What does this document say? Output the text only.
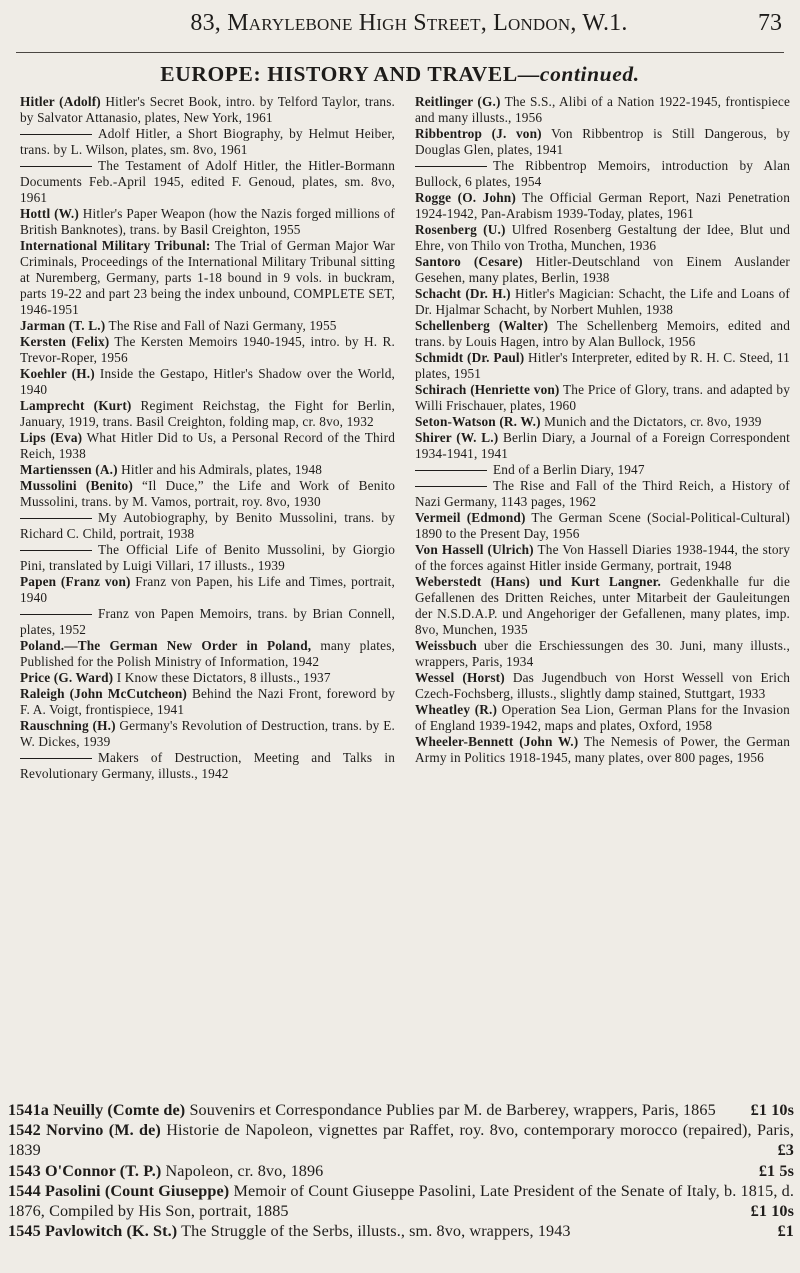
83, Marylebone High Street, London, W.1.	73
EUROPE: HISTORY AND TRAVEL—continued.

Hitler (Adolf) Hitler's Secret Book, intro. by Telford Taylor, trans. by Salvator Attanasio, plates, New York, 1961

Adolf Hitler, a Short Biography, by Helmut Heiber, trans. by L. Wilson, plates, sm. 8vo, 1961

The Testament of Adolf Hitler, the Hitler-Bormann Documents Feb.-April 1945, edited F. Genoud, plates, sm. 8vo, 1961

Hottl (W.) Hitler's Paper Weapon (how the Nazis forged millions of British Banknotes), trans. by Basil Creighton, 1955

International Military Tribunal: The Trial of German Major War Criminals, Proceedings of the International Military Tribunal sitting at Nuremberg, Germany, parts 1-18 bound in 9 vols. in buckram, parts 19-22 and part 23 being the index unbound, COMPLETE SET, 1946-1951

Jarman (T. L.) The Rise and Fall of Nazi Germany, 1955

Kersten (Felix) The Kersten Memoirs 1940-1945, intro. by H. R. Trevor-Roper, 1956

Koehler (H.) Inside the Gestapo, Hitler's Shadow over the World, 1940

Lamprecht (Kurt) Regiment Reichstag, the Fight for Berlin, January, 1919, trans. Basil Creighton, folding map, cr. 8vo, 1932

Lips (Eva) What Hitler Did to Us, a Personal Record of the Third Reich, 1938

Martienssen (A.) Hitler and his Admirals, plates, 1948

Mussolini (Benito) “Il Duce,” the Life and Work of Benito Mussolini, trans. by M. Vamos, portrait, roy. 8vo, 1930

My Autobiography, by Benito Mussolini, trans. by Richard C. Child, portrait, 1938

The Official Life of Benito Mussolini, by Giorgio Pini, translated by Luigi Villari, 17 illusts., 1939

Papen (Franz von) Franz von Papen, his Life and Times, portrait, 1940

Franz von Papen Memoirs, trans. by Brian Connell, plates, 1952

Poland.—The German New Order in Poland, many plates, Published for the Polish Ministry of Information, 1942

Price (G. Ward) I Know these Dictators, 8 illusts., 1937

Raleigh (John McCutcheon) Behind the Nazi Front, foreword by F. A. Voigt, frontispiece, 1941

Rauschning (H.) Germany's Revolution of Destruction, trans. by E. W. Dickes, 1939

Makers of Destruction, Meeting and Talks in Revolutionary Germany, illusts., 1942

Reitlinger (G.) The S.S., Alibi of a Nation 1922-1945, frontispiece and many illusts., 1956

Ribbentrop (J. von) Von Ribbentrop is Still Dangerous, by Douglas Glen, plates, 1941

The Ribbentrop Memoirs, introduction by Alan Bullock, 6 plates, 1954

Rogge (O. John) The Official German Report, Nazi Penetration 1924-1942, Pan-Arabism 1939-Today, plates, 1961

Rosenberg (U.) Ulfred Rosenberg Gestaltung der Idee, Blut und Ehre, von Thilo von Trotha, Munchen, 1936

Santoro (Cesare) Hitler-Deutschland von Einem Auslander Gesehen, many plates, Berlin, 1938

Schacht (Dr. H.) Hitler's Magician: Schacht, the Life and Loans of Dr. Hjalmar Schacht, by Norbert Muhlen, 1938

Schellenberg (Walter) The Schellenberg Memoirs, edited and trans. by Louis Hagen, intro by Alan Bullock, 1956

Schmidt (Dr. Paul) Hitler's Interpreter, edited by R. H. C. Steed, 11 plates, 1951

Schirach (Henriette von) The Price of Glory, trans. and adapted by Willi Frischauer, plates, 1960

Seton-Watson (R. W.) Munich and the Dictators, cr. 8vo, 1939

Shirer (W. L.) Berlin Diary, a Journal of a Foreign Correspondent 1934-1941, 1941

End of a Berlin Diary, 1947

The Rise and Fall of the Third Reich, a History of Nazi Germany, 1143 pages, 1962

Vermeil (Edmond) The German Scene (Social-Political-Cultural) 1890 to the Present Day, 1956

Von Hassell (Ulrich) The Von Hassell Diaries 1938-1944, the story of the forces against Hitler inside Germany, portrait, 1948

Weberstedt (Hans) und Kurt Langner. Gedenkhalle fur die Gefallenen des Dritten Reiches, unter Mitarbeit der Gauleitungen der N.S.D.A.P. und Angehoriger der Gefallenen, many plates, imp. 8vo, Munchen, 1935

Weissbuch uber die Erschiessungen des 30. Juni, many illusts., wrappers, Paris, 1934

Wessel (Horst) Das Jugendbuch von Horst Wessell von Erich Czech-Fochsberg, illusts., slightly damp stained, Stuttgart, 1933

Wheatley (R.) Operation Sea Lion, German Plans for the Invasion of England 1939-1942, maps and plates, Oxford, 1958

Wheeler-Bennett (John W.) The Nemesis of Power, the German Army in Politics 1918-1945, many plates, over 800 pages, 1956

1541a Neuilly (Comte de) Souvenirs et Correspondance Publies par M. de Barberey, wrappers, Paris, 1865 £1 10s

1542 Norvino (M. de) Historie de Napoleon, vignettes par Raffet, roy. 8vo, contemporary morocco (repaired), Paris, 1839	£3

1543 O'Connor (T. P.) Napoleon, cr. 8vo, 1896	£1 5s

1544 Pasolini (Count Giuseppe) Memoir of Count Giuseppe Pasolini, Late President of the Senate of Italy, b. 1815, d. 1876, Compiled by His Son, portrait, 1885	£1 10s

1545 Pavlowitch (K. St.) The Struggle of the Serbs, illusts., sm. 8vo, wrappers, 1943	£1
